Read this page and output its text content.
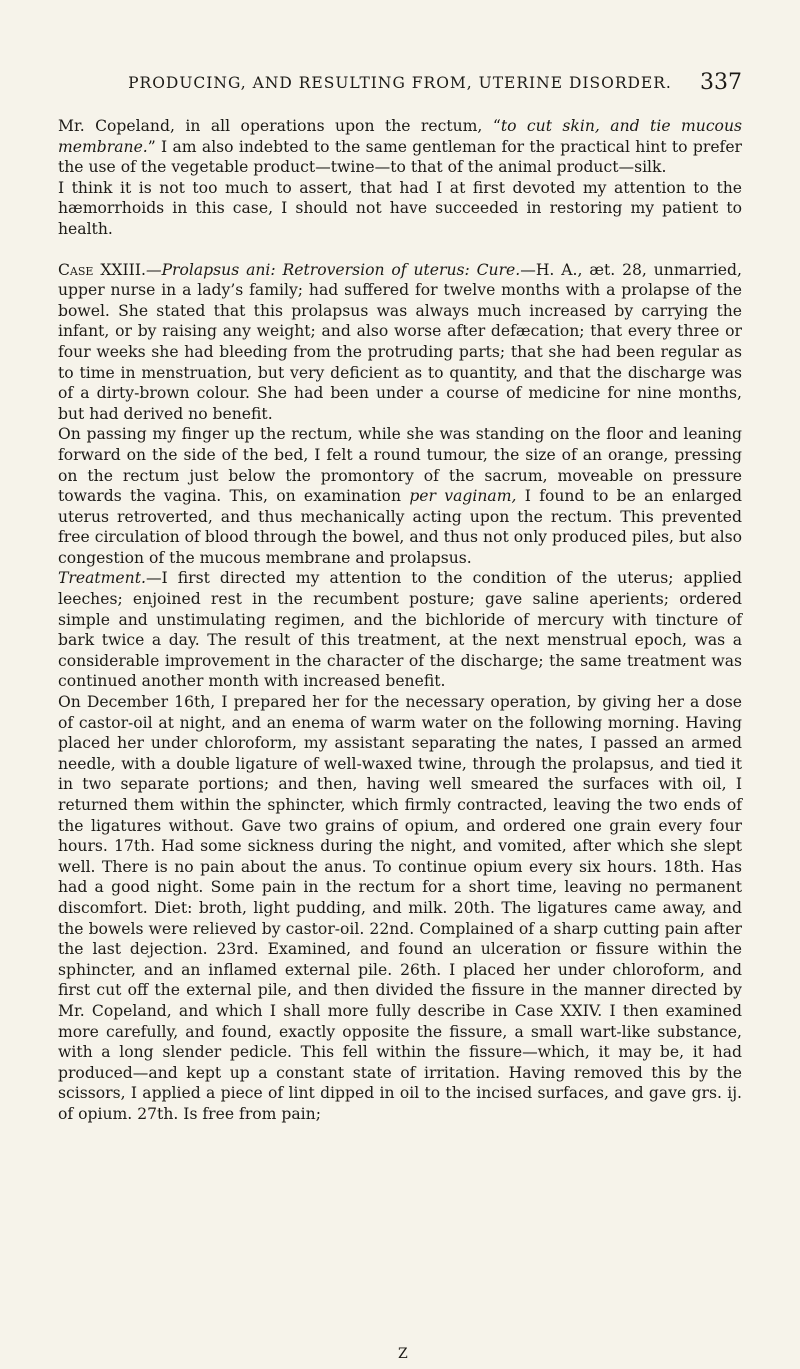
PRODUCING, AND RESULTING FROM, UTERINE DISORDER. 337

Mr. Copeland, in all operations upon the rectum, “to cut skin, and tie mucous membrane.” I am also indebted to the same gentleman for the practical hint to prefer the use of the vegetable product—twine—to that of the animal product—silk.

I think it is not too much to assert, that had I at first devoted my attention to the hæmorrhoids in this case, I should not have succeeded in restoring my patient to health.

Case XXIII.—Prolapsus ani: Retroversion of uterus: Cure.—H. A., æt. 28, unmarried, upper nurse in a lady’s family; had suffered for twelve months with a prolapse of the bowel. She stated that this prolapsus was always much increased by carrying the infant, or by raising any weight; and also worse after defæcation; that every three or four weeks she had bleeding from the protruding parts; that she had been regular as to time in menstruation, but very deficient as to quantity, and that the discharge was of a dirty-brown colour. She had been under a course of medicine for nine months, but had derived no benefit.

On passing my finger up the rectum, while she was standing on the floor and leaning forward on the side of the bed, I felt a round tumour, the size of an orange, pressing on the rectum just below the promontory of the sacrum, moveable on pressure towards the vagina. This, on examination per vaginam, I found to be an enlarged uterus retroverted, and thus mechanically acting upon the rectum. This prevented free circulation of blood through the bowel, and thus not only produced piles, but also congestion of the mucous membrane and prolapsus.

Treatment.—I first directed my attention to the condition of the uterus; applied leeches; enjoined rest in the recumbent posture; gave saline aperients; ordered simple and unstimulating regimen, and the bichloride of mercury with tincture of bark twice a day. The result of this treatment, at the next menstrual epoch, was a considerable improvement in the character of the discharge; the same treatment was continued another month with increased benefit.

On December 16th, I prepared her for the necessary operation, by giving her a dose of castor-oil at night, and an enema of warm water on the following morning. Having placed her under chloroform, my assistant separating the nates, I passed an armed needle, with a double ligature of well-waxed twine, through the prolapsus, and tied it in two separate portions; and then, having well smeared the surfaces with oil, I returned them within the sphincter, which firmly contracted, leaving the two ends of the ligatures without. Gave two grains of opium, and ordered one grain every four hours. 17th. Had some sickness during the night, and vomited, after which she slept well. There is no pain about the anus. To continue opium every six hours. 18th. Has had a good night. Some pain in the rectum for a short time, leaving no permanent discomfort. Diet: broth, light pudding, and milk. 20th. The ligatures came away, and the bowels were relieved by castor-oil. 22nd. Complained of a sharp cutting pain after the last dejection. 23rd. Examined, and found an ulceration or fissure within the sphincter, and an inflamed external pile. 26th. I placed her under chloroform, and first cut off the external pile, and then divided the fissure in the manner directed by Mr. Copeland, and which I shall more fully describe in Case XXIV. I then examined more carefully, and found, exactly opposite the fissure, a small wart-like substance, with a long slender pedicle. This fell within the fissure—which, it may be, it had produced—and kept up a constant state of irritation. Having removed this by the scissors, I applied a piece of lint dipped in oil to the incised surfaces, and gave grs. ij. of opium. 27th. Is free from pain;

Z
